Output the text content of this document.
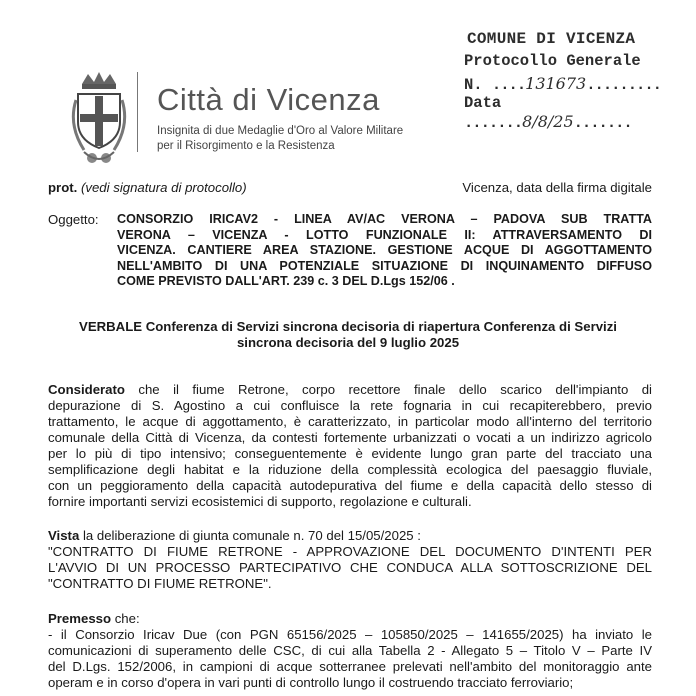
Città di Vicenza
Insignita di due Medaglie d'Oro al Valore Militare
per il Risorgimento e la Resistenza
COMUNE DI VICENZA
Protocollo Generale
N. ....131673.........
Data .......8/8/25.......
prot. (vedi signatura di protocollo)	Vicenza, data della firma digitale
Oggetto: CONSORZIO IRICAV2 - LINEA AV/AC VERONA – PADOVA SUB TRATTA
VERONA – VICENZA - LOTTO FUNZIONALE II: ATTRAVERSAMENTO DI
VICENZA. CANTIERE AREA STAZIONE. GESTIONE ACQUE DI AGGOTTAMENTO
NELL'AMBITO DI UNA POTENZIALE SITUAZIONE DI INQUINAMENTO DIFFUSO
COME PREVISTO DALL'ART. 239 c. 3 DEL D.Lgs 152/06 .
VERBALE Conferenza di Servizi sincrona decisoria di riapertura Conferenza di Servizi
sincrona decisoria del 9 luglio 2025
Considerato che il fiume Retrone, corpo recettore finale dello scarico dell'impianto di
depurazione di S. Agostino a cui confluisce la rete fognaria in cui recapiterebbero, previo
trattamento, le acque di aggottamento, è caratterizzato, in particolar modo all'interno del territorio
comunale della Città di Vicenza, da contesti fortemente urbanizzati o vocati a un indirizzo agricolo
per lo più di tipo intensivo; conseguentemente è evidente lungo gran parte del tracciato una
semplificazione degli habitat e la riduzione della complessità ecologica del paesaggio fluviale,
con un peggioramento della capacità autodepurativa del fiume e della capacità dello stesso di
fornire importanti servizi ecosistemici di supporto, regolazione e culturali.
Vista la deliberazione di giunta comunale n. 70 del 15/05/2025 :
"CONTRATTO DI FIUME RETRONE - APPROVAZIONE DEL DOCUMENTO D'INTENTI PER
L'AVVIO DI UN PROCESSO PARTECIPATIVO CHE CONDUCA ALLA SOTTOSCRIZIONE DEL
"CONTRATTO DI FIUME RETRONE".
Premesso che:
- il Consorzio Iricav Due (con PGN 65156/2025 – 105850/2025 – 141655/2025) ha inviato le
comunicazioni di superamento delle CSC, di cui alla Tabella 2 - Allegato 5 – Titolo V – Parte IV
del D.Lgs. 152/2006, in campioni di acque sotterranee prelevati nell'ambito del monitoraggio ante
operam e in corso d'opera in vari punti di controllo lungo il costruendo tracciato ferroviario;
